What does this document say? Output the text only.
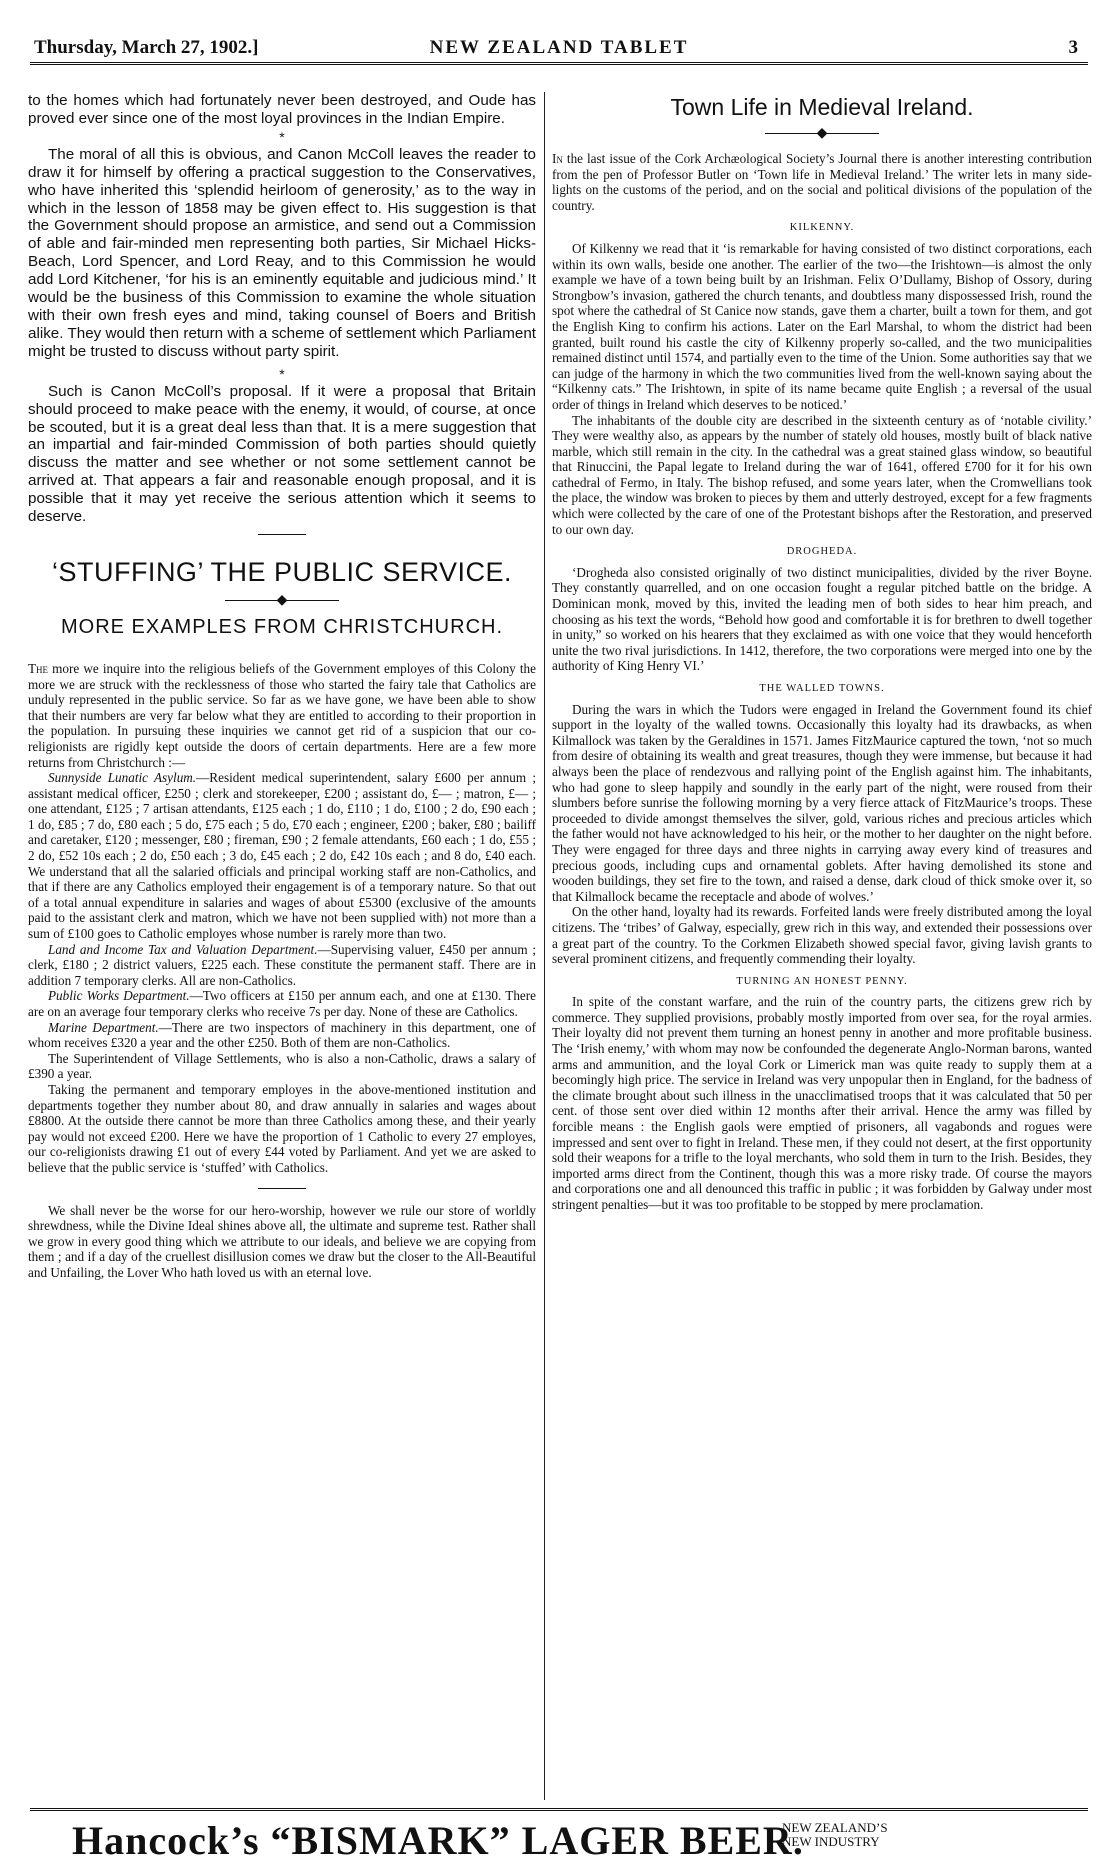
Thursday, March 27, 1902.]	NEW ZEALAND TABLET	3

to the homes which had fortunately never been destroyed, and Oude has proved ever since one of the most loyal provinces in the Indian Empire.

*

The moral of all this is obvious, and Canon McColl leaves the reader to draw it for himself by offering a practical suggestion to the Conservatives, who have inherited this ‘splendid heirloom of generosity,’ as to the way in which in the lesson of 1858 may be given effect to. His suggestion is that the Government should propose an armistice, and send out a Commission of able and fair-minded men representing both parties, Sir Michael Hicks-Beach, Lord Spencer, and Lord Reay, and to this Commission he would add Lord Kitchener, ‘for his is an eminently equitable and judicious mind.’ It would be the business of this Commission to examine the whole situation with their own fresh eyes and mind, taking counsel of Boers and British alike. They would then return with a scheme of settlement which Parliament might be trusted to discuss without party spirit.

*

Such is Canon McColl’s proposal. If it were a proposal that Britain should proceed to make peace with the enemy, it would, of course, at once be scouted, but it is a great deal less than that. It is a mere suggestion that an impartial and fair-minded Commission of both parties should quietly discuss the matter and see whether or not some settlement cannot be arrived at. That appears a fair and reasonable enough proposal, and it is possible that it may yet receive the serious attention which it seems to deserve.

‘STUFFING’ THE PUBLIC SERVICE.
◆
MORE EXAMPLES FROM CHRISTCHURCH.

The more we inquire into the religious beliefs of the Government employes of this Colony the more we are struck with the recklessness of those who started the fairy tale that Catholics are unduly represented in the public service. So far as we have gone, we have been able to show that their numbers are very far below what they are entitled to according to their proportion in the population. In pursuing these inquiries we cannot get rid of a suspicion that our co-religionists are rigidly kept outside the doors of certain departments. Here are a few more returns from Christchurch :—

Sunnyside Lunatic Asylum.—Resident medical superintendent, salary £600 per annum ; assistant medical officer, £250 ; clerk and storekeeper, £200 ; assistant do, £— ; matron, £— ; one attendant, £125 ; 7 artisan attendants, £125 each ; 1 do, £110 ; 1 do, £100 ; 2 do, £90 each ; 1 do, £85 ; 7 do, £80 each ; 5 do, £75 each ; 5 do, £70 each ; engineer, £200 ; baker, £80 ; bailiff and caretaker, £120 ; messenger, £80 ; fireman, £90 ; 2 female attendants, £60 each ; 1 do, £55 ; 2 do, £52 10s each ; 2 do, £50 each ; 3 do, £45 each ; 2 do, £42 10s each ; and 8 do, £40 each. We understand that all the salaried officials and principal working staff are non-Catholics, and that if there are any Catholics employed their engagement is of a temporary nature. So that out of a total annual expenditure in salaries and wages of about £5300 (exclusive of the amounts paid to the assistant clerk and matron, which we have not been supplied with) not more than a sum of £100 goes to Catholic employes whose number is rarely more than two.

Land and Income Tax and Valuation Department.—Supervising valuer, £450 per annum ; clerk, £180 ; 2 district valuers, £225 each. These constitute the permanent staff. There are in addition 7 temporary clerks. All are non-Catholics.

Public Works Department.—Two officers at £150 per annum each, and one at £130. There are on an average four temporary clerks who receive 7s per day. None of these are Catholics.

Marine Department.—There are two inspectors of machinery in this department, one of whom receives £320 a year and the other £250. Both of them are non-Catholics.

The Superintendent of Village Settlements, who is also a non-Catholic, draws a salary of £390 a year.

Taking the permanent and temporary employes in the above-mentioned institution and departments together they number about 80, and draw annually in salaries and wages about £8800. At the outside there cannot be more than three Catholics among these, and their yearly pay would not exceed £200. Here we have the proportion of 1 Catholic to every 27 employes, our co-religionists drawing £1 out of every £44 voted by Parliament. And yet we are asked to believe that the public service is ‘stuffed’ with Catholics.

We shall never be the worse for our hero-worship, however we rule our store of worldly shrewdness, while the Divine Ideal shines above all, the ultimate and supreme test. Rather shall we grow in every good thing which we attribute to our ideals, and believe we are copying from them ; and if a day of the cruellest disillusion comes we draw but the closer to the All-Beautiful and Unfailing, the Lover Who hath loved us with an eternal love.

Town Life in Medieval Ireland.
◆

In the last issue of the Cork Archæological Society’s Journal there is another interesting contribution from the pen of Professor Butler on ‘Town life in Medieval Ireland.’ The writer lets in many side-lights on the customs of the period, and on the social and political divisions of the population of the country.

KILKENNY.

Of Kilkenny we read that it ‘is remarkable for having consisted of two distinct corporations, each within its own walls, beside one another. The earlier of the two—the Irishtown—is almost the only example we have of a town being built by an Irishman. Felix O’Dullamy, Bishop of Ossory, during Strongbow’s invasion, gathered the church tenants, and doubtless many dispossessed Irish, round the spot where the cathedral of St Canice now stands, gave them a charter, built a town for them, and got the English King to confirm his actions. Later on the Earl Marshal, to whom the district had been granted, built round his castle the city of Kilkenny properly so-called, and the two municipalities remained distinct until 1574, and partially even to the time of the Union. Some authorities say that we can judge of the harmony in which the two communities lived from the well-known saying about the “Kilkenny cats.” The Irishtown, in spite of its name became quite English ; a reversal of the usual order of things in Ireland which deserves to be noticed.’

The inhabitants of the double city are described in the sixteenth century as of ‘notable civility.’ They were wealthy also, as appears by the number of stately old houses, mostly built of black native marble, which still remain in the city. In the cathedral was a great stained glass window, so beautiful that Rinuccini, the Papal legate to Ireland during the war of 1641, offered £700 for it for his own cathedral of Fermo, in Italy. The bishop refused, and some years later, when the Cromwellians took the place, the window was broken to pieces by them and utterly destroyed, except for a few fragments which were collected by the care of one of the Protestant bishops after the Restoration, and preserved to our own day.

DROGHEDA.

‘Drogheda also consisted originally of two distinct municipalities, divided by the river Boyne. They constantly quarrelled, and on one occasion fought a regular pitched battle on the bridge. A Dominican monk, moved by this, invited the leading men of both sides to hear him preach, and choosing as his text the words, “Behold how good and comfortable it is for brethren to dwell together in unity,” so worked on his hearers that they exclaimed as with one voice that they would henceforth unite the two rival jurisdictions. In 1412, therefore, the two corporations were merged into one by the authority of King Henry VI.’

THE WALLED TOWNS.

During the wars in which the Tudors were engaged in Ireland the Government found its chief support in the loyalty of the walled towns. Occasionally this loyalty had its drawbacks, as when Kilmallock was taken by the Geraldines in 1571. James FitzMaurice captured the town, ‘not so much from desire of obtaining its wealth and great treasures, though they were immense, but because it had always been the place of rendezvous and rallying point of the English against him. The inhabitants, who had gone to sleep happily and soundly in the early part of the night, were roused from their slumbers before sunrise the following morning by a very fierce attack of FitzMaurice’s troops. These proceeded to divide amongst themselves the silver, gold, various riches and precious articles which the father would not have acknowledged to his heir, or the mother to her daughter on the night before. They were engaged for three days and three nights in carrying away every kind of treasures and precious goods, including cups and ornamental goblets. After having demolished its stone and wooden buildings, they set fire to the town, and raised a dense, dark cloud of thick smoke over it, so that Kilmallock became the receptacle and abode of wolves.’

On the other hand, loyalty had its rewards. Forfeited lands were freely distributed among the loyal citizens. The ‘tribes’ of Galway, especially, grew rich in this way, and extended their possessions over a great part of the country. To the Corkmen Elizabeth showed special favor, giving lavish grants to several prominent citizens, and frequently commending their loyalty.

TURNING AN HONEST PENNY.

In spite of the constant warfare, and the ruin of the country parts, the citizens grew rich by commerce. They supplied provisions, probably mostly imported from over sea, for the royal armies. Their loyalty did not prevent them turning an honest penny in another and more profitable business. The ‘Irish enemy,’ with whom may now be confounded the degenerate Anglo-Norman barons, wanted arms and ammunition, and the loyal Cork or Limerick man was quite ready to supply them at a becomingly high price. The service in Ireland was very unpopular then in England, for the badness of the climate brought about such illness in the unacclimatised troops that it was calculated that 50 per cent. of those sent over died within 12 months after their arrival. Hence the army was filled by forcible means : the English gaols were emptied of prisoners, all vagabonds and rogues were impressed and sent over to fight in Ireland. These men, if they could not desert, at the first opportunity sold their weapons for a trifle to the loyal merchants, who sold them in turn to the Irish. Besides, they imported arms direct from the Continent, though this was a more risky trade. Of course the mayors and corporations one and all denounced this traffic in public ; it was forbidden by Galway under most stringent penalties—but it was too profitable to be stopped by mere proclamation.

Hancock’s “BISMARK” LAGER BEER.
NEW ZEALAND’S
NEW INDUSTRY
